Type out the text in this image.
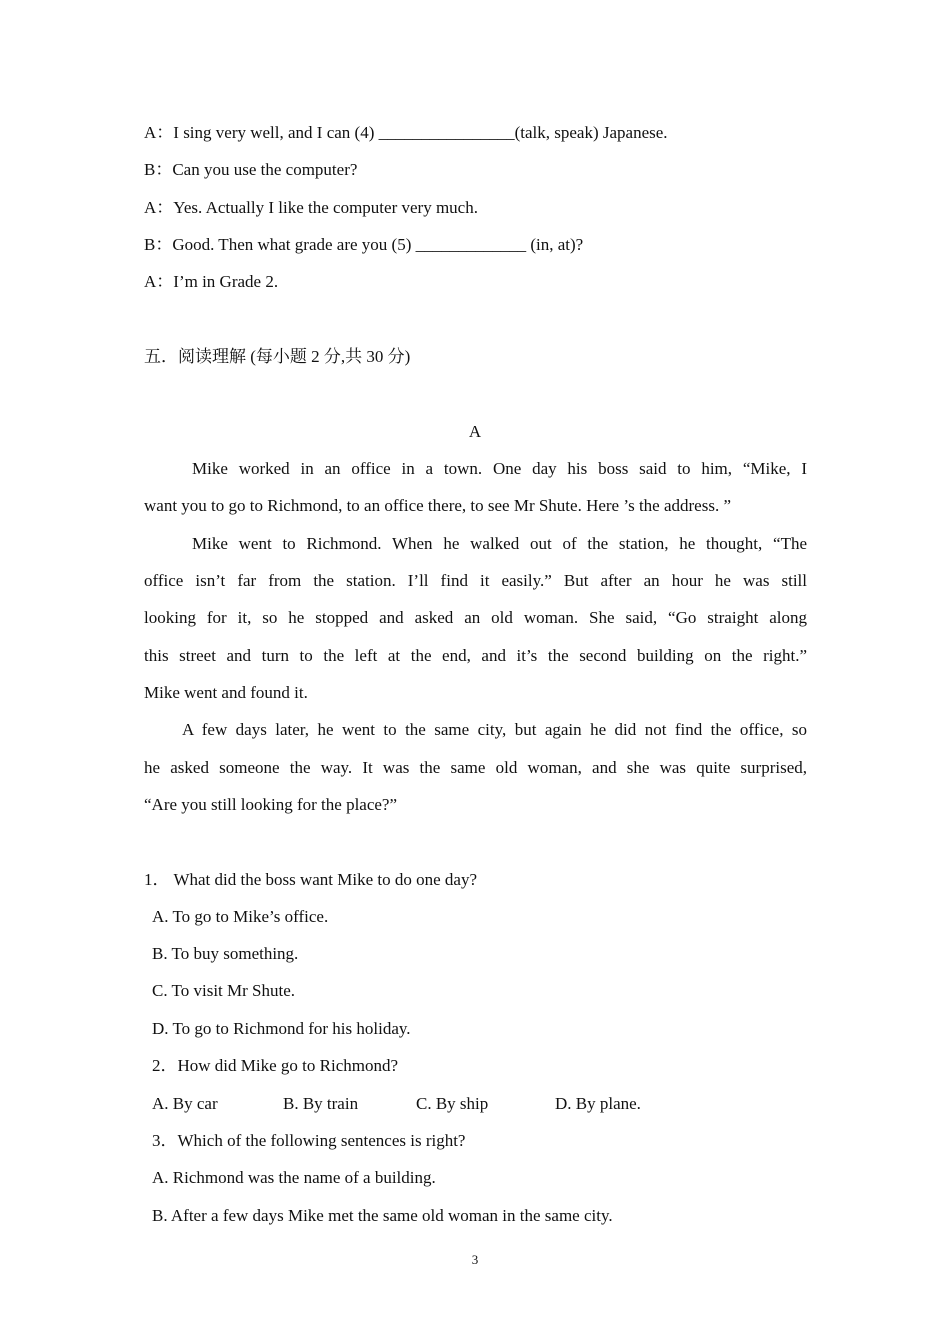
A：I sing very well, and I can (4) ________________(talk, speak) Japanese.
B：Can you use the computer?
A：Yes. Actually I like the computer very much.
B：Good. Then what grade are you (5) _____________ (in, at)?
A：I’m in Grade 2.
五．阅读理解 (每小题 2 分,共 30 分)
A
Mike worked in an office in a town. One day his boss said to him, “Mike, I
want you to go to Richmond, to an office there, to see Mr Shute. Here ’s the address. ”
Mike went to Richmond. When he walked out of the station, he thought, “The
office isn’t far from the station. I’ll find it easily.” But after an hour he was still
looking for it, so he stopped and asked an old woman. She said, “Go straight along
this street and turn to the left at the end, and it’s the second building on the right.”
Mike went and found it.
A few days later, he went to the same city, but again he did not find the office, so
he asked someone the way. It was the same old woman, and she was quite surprised,
“Are you still looking for the place?”
1． What did the boss want Mike to do one day?
A. To go to Mike’s office.
B. To buy something.
C. To visit Mr Shute.
D. To go to Richmond for his holiday.
2．How did Mike go to Richmond?
A. By car	B. By train	C. By ship	D. By plane.
3．Which of the following sentences is right?
A. Richmond was the name of a building.
B. After a few days Mike met the same old woman in the same city.
3
